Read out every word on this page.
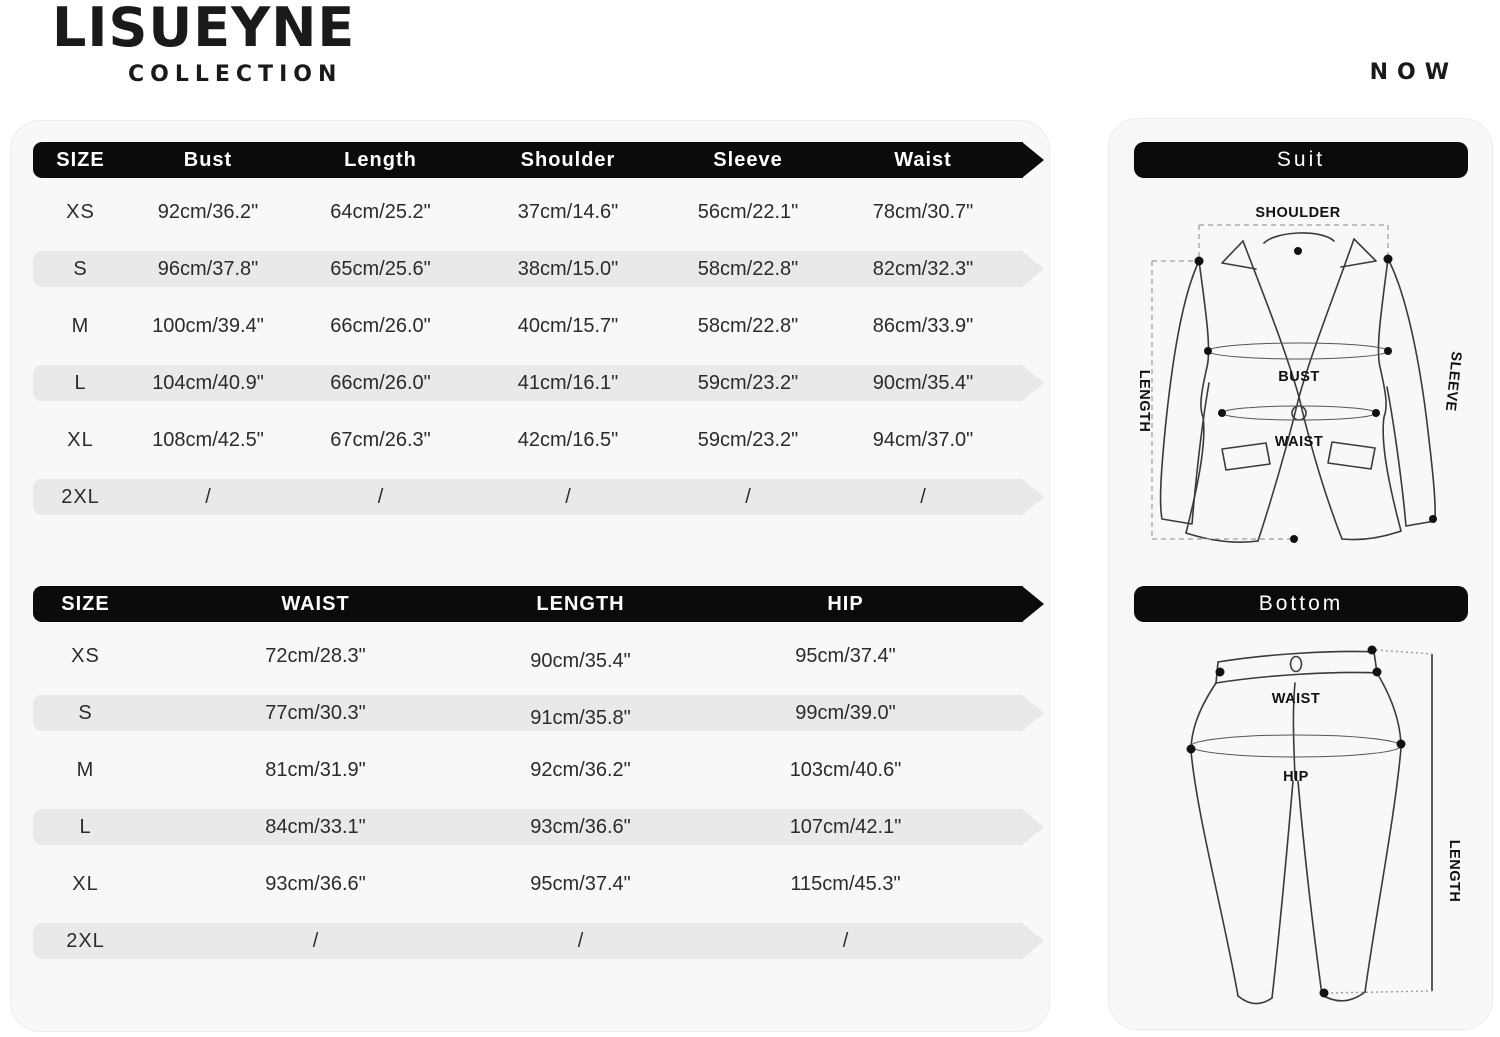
LISUEYNE
COLLECTION	NOW
SIZE	Bust	Length	Shoulder	Sleeve	Waist
XS	92cm/36.2"	64cm/25.2"	37cm/14.6"	56cm/22.1"	78cm/30.7"
S	96cm/37.8"	65cm/25.6"	38cm/15.0"	58cm/22.8"	82cm/32.3"
M	100cm/39.4"	66cm/26.0"	40cm/15.7"	58cm/22.8"	86cm/33.9"
L	104cm/40.9"	66cm/26.0"	41cm/16.1"	59cm/23.2"	90cm/35.4"
XL	108cm/42.5"	67cm/26.3"	42cm/16.5"	59cm/23.2"	94cm/37.0"
2XL	/	/	/	/	/
SIZE	WAIST	LENGTH	HIP
XS	72cm/28.3"	90cm/35.4"	95cm/37.4"
S	77cm/30.3"	91cm/35.8"	99cm/39.0"
M	81cm/31.9"	92cm/36.2"	103cm/40.6"
L	84cm/33.1"	93cm/36.6"	107cm/42.1"
XL	93cm/36.6"	95cm/37.4"	115cm/45.3"
2XL	/	/	/
Suit
SHOULDER
BUST
WAIST
LENGTH	SLEEVE
Bottom
WAIST
HIP
LENGTH
